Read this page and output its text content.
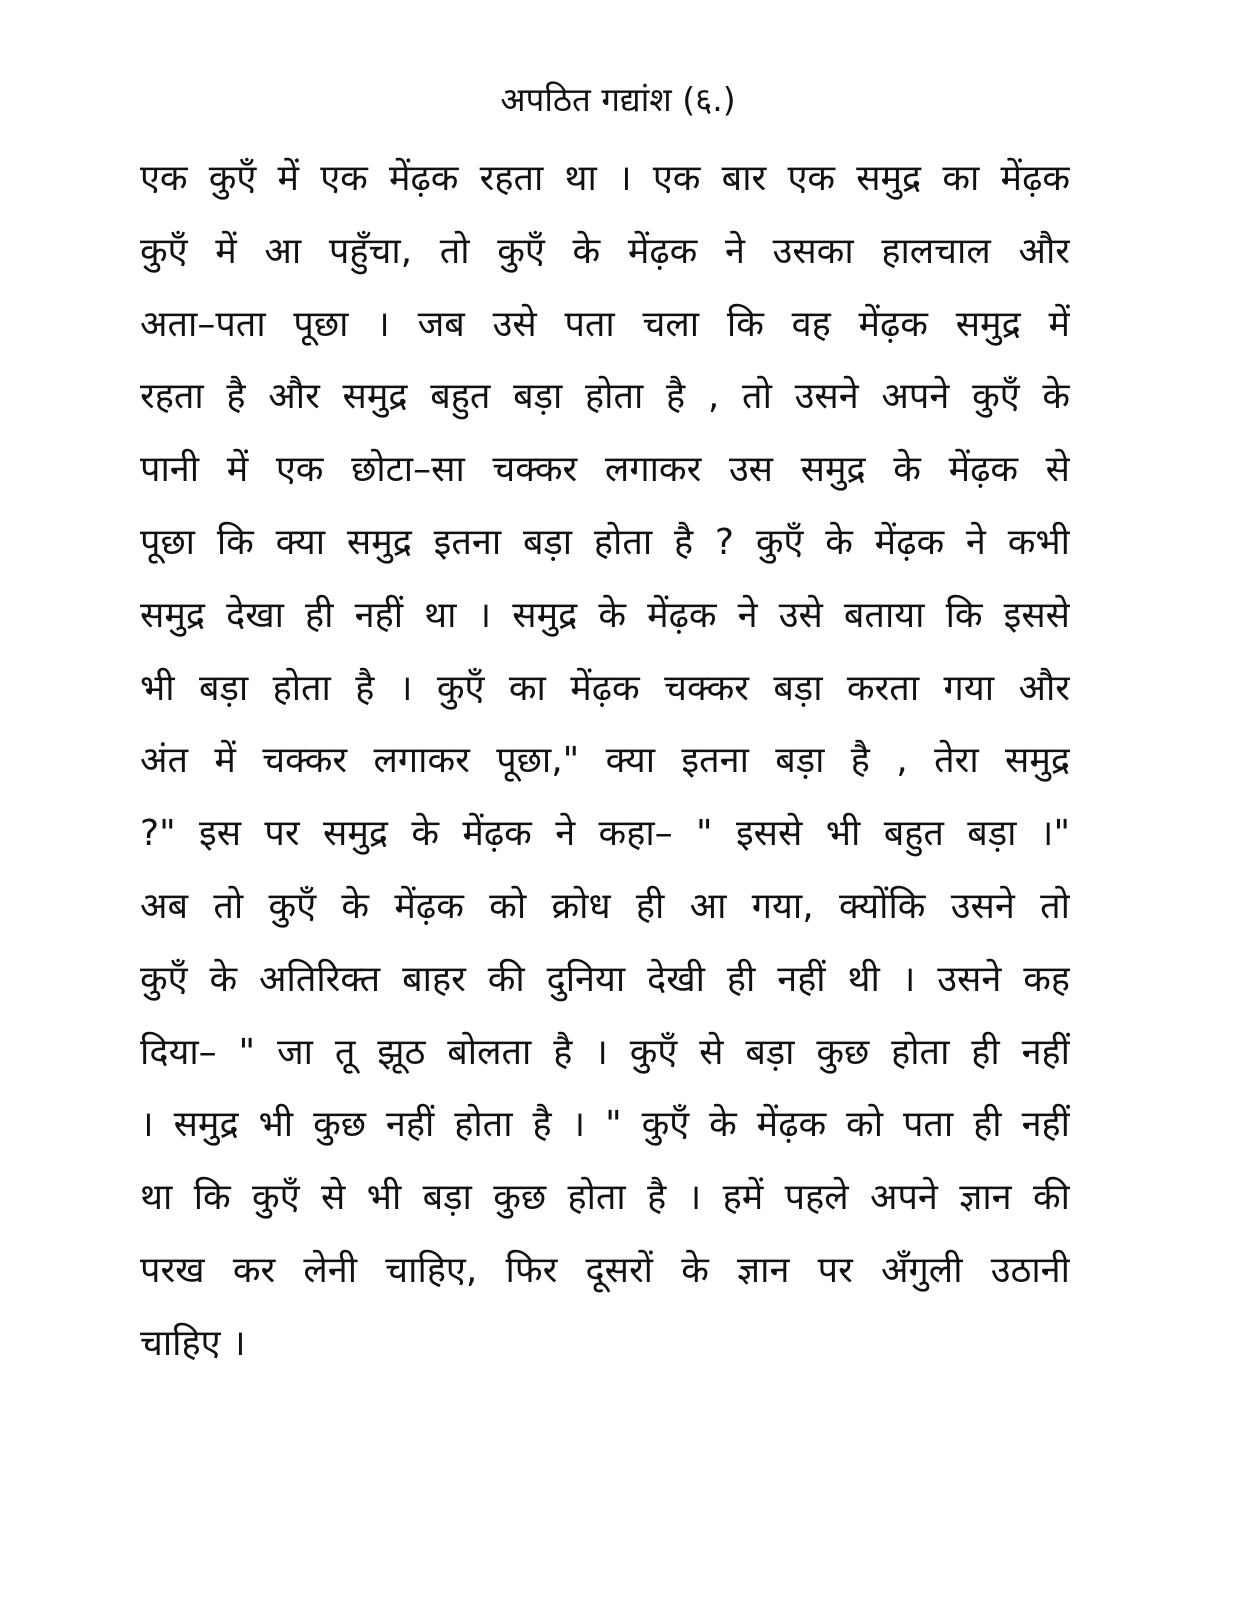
अपठित गद्यांश (६.)
एक कुएँ में एक मेंढ़क रहता था । एक बार एक समुद्र का मेंढ़क
कुएँ में आ पहुँचा, तो कुएँ के मेंढ़क ने उसका हालचाल और
अता–पता पूछा । जब उसे पता चला कि वह मेंढ़क समुद्र में
रहता है और समुद्र बहुत बड़ा होता है , तो उसने अपने कुएँ के
पानी में एक छोटा–सा चक्कर लगाकर उस समुद्र के मेंढ़क से
पूछा कि क्या समुद्र इतना बड़ा होता है ? कुएँ के मेंढ़क ने कभी
समुद्र देखा ही नहीं था । समुद्र के मेंढ़क ने उसे बताया कि इससे
भी बड़ा होता है । कुएँ का मेंढ़क चक्कर बड़ा करता गया और
अंत में चक्कर लगाकर पूछा," क्या इतना बड़ा है , तेरा समुद्र
?" इस पर समुद्र के मेंढ़क ने कहा– " इससे भी बहुत बड़ा ।"
अब तो कुएँ के मेंढ़क को क्रोध ही आ गया, क्योंकि उसने तो
कुएँ के अतिरिक्त बाहर की दुनिया देखी ही नहीं थी । उसने कह
दिया– " जा तू झूठ बोलता है । कुएँ से बड़ा कुछ होता ही नहीं
। समुद्र भी कुछ नहीं होता है । " कुएँ के मेंढ़क को पता ही नहीं
था कि कुएँ से भी बड़ा कुछ होता है । हमें पहले अपने ज्ञान की
परख कर लेनी चाहिए, फिर दूसरों के ज्ञान पर अँगुली उठानी
चाहिए ।
